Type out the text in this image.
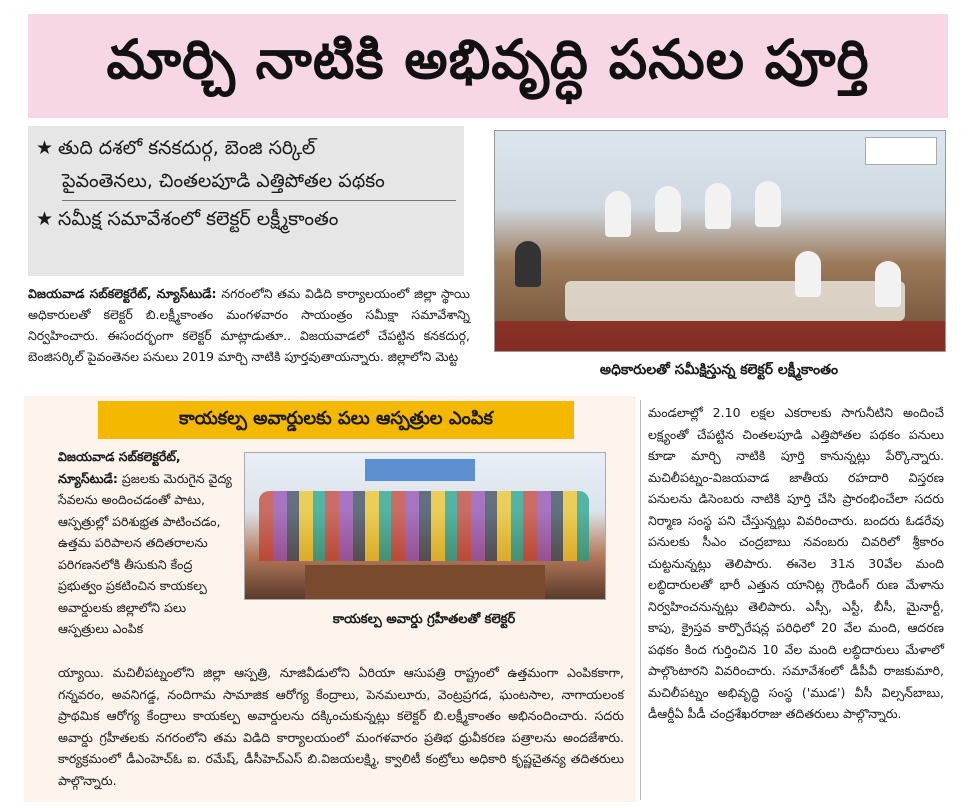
మార్చి నాటికి అభివృద్ధి పనుల పూర్తి
★ తుది దశలో కనకదుర్గ, బెంజి సర్కిల్
పైవంతెనలు, చింతలపూడి ఎత్తిపోతల పథకం
★ సమీక్ష సమావేశంలో కలెక్టర్ లక్ష్మీకాంతం
అధికారులతో సమీక్షిస్తున్న కలెక్టర్ లక్ష్మీకాంతం
విజయవాడ సబ్‌కలెక్టరేట్, న్యూస్‌టుడే: నగరంలోని తమ విడిది కార్యాలయంలో జిల్లా స్థాయి అధికారులతో కలెక్టర్ బి.లక్ష్మీకాంతం మంగళవారం సాయంత్రం సమీక్షా సమావేశాన్ని నిర్వహించారు. ఈసందర్భంగా కలెక్టర్ మాట్లాడుతూ.. విజయవాడలో చేపట్టిన కనకదుర్గ, బెంజిసర్కిల్ పైవంతెనల పనులు 2019 మార్చి నాటికి పూర్తవుతాయన్నారు. జిల్లాలోని మెట్ట
కాయకల్ప అవార్డులకు పలు ఆస్పత్రుల ఎంపిక
విజయవాడ సబ్‌కలెక్టరేట్, న్యూస్‌టుడే: ప్రజలకు మెరుగైన వైద్య సేవలను అందించడంతో పాటు, ఆస్పత్రుల్లో పరిశుభ్రత పాటించడం, ఉత్తమ పరిపాలన తదితరాలను పరిగణనలోకి తీసుకుని కేంద్ర ప్రభుత్వం ప్రకటించిన కాయకల్ప అవార్డులకు జిల్లాలోని పలు ఆస్పత్రులు ఎంపిక
కాయకల్ప అవార్డు గ్రహీతలతో కలెక్టర్
య్యాయి. మచిలీపట్నంలోని జిల్లా ఆస్పత్రి, నూజివీడులోని ఏరియా ఆసుపత్రి రాష్ట్రంలో ఉత్తమంగా ఎంపికకాగా, గన్నవరం, అవనిగడ్డ, నందిగామ సామాజిక ఆరోగ్య కేంద్రాలు, పెనమలూరు, వెంట్రప్రగడ, ఘంటసాల, నాగాయలంక ప్రాథమిక ఆరోగ్య కేంద్రాలు కాయకల్ప అవార్డులను దక్కించుకున్నట్లు కలెక్టర్ బి.లక్ష్మీకాంతం అభినందించారు. సదరు అవార్డు గ్రహీతలకు నగరంలోని తమ విడిది కార్యాలయంలో మంగళవారం ప్రతిభ ధ్రువీకరణ పత్రాలను అందజేశారు. కార్యక్రమంలో డీఎంహెచ్‌ఓ ఐ. రమేష్, డీసీహెచ్‌ఎస్ బి.విజయలక్ష్మి, క్వాలిటీ కంట్రోలు అధికారి కృష్ణచైతన్య తదితరులు పాల్గొన్నారు.
మండలాల్లో 2.10 లక్షల ఎకరాలకు సాగునీటిని అందించే లక్ష్యంతో చేపట్టిన చింతలపూడి ఎత్తిపోతల పథకం పనులు కూడా మార్చి నాటికి పూర్తి కానున్నట్లు పేర్కొన్నారు. మచిలీపట్నం-విజయవాడ జాతీయ రహదారి విస్తరణ పనులను డిసెంబరు నాటికి పూర్తి చేసి ప్రారంభించేలా సదరు నిర్మాణ సంస్థ పని చేస్తున్నట్లు వివరించారు. బందరు ఓడరేవు పనులకు సీఎం చంద్రబాబు నవంబరు చివరిలో శ్రీకారం చుట్టనున్నట్లు తెలిపారు. ఈనెల 31న 30వేల మంది లబ్ధిదారులతో భారీ ఎత్తున యానిట్ల గ్రౌండింగ్ రుణ మేళాను నిర్వహించనున్నట్లు తెలిపారు. ఎస్సీ, ఎస్టీ, బీసీ, మైనార్టీ, కాపు, క్రైస్తవ కార్పొరేషన్ల పరిధిలో 20 వేల మంది, ఆదరణ పథకం కింద గుర్తించిన 10 వేల మంది లబ్ధిదారులు మేళాలో పాల్గొంటారని వివరించారు. సమావేశంలో డీపీవీ రాజకుమారి, మచిలీపట్నం అభివృద్ధి సంస్థ ('ముడ') వీసీ విల్సన్‌బాబు, డీఆర్డీఏ పీడీ చంద్రశేఖరరాజు తదితరులు పాల్గొన్నారు.
